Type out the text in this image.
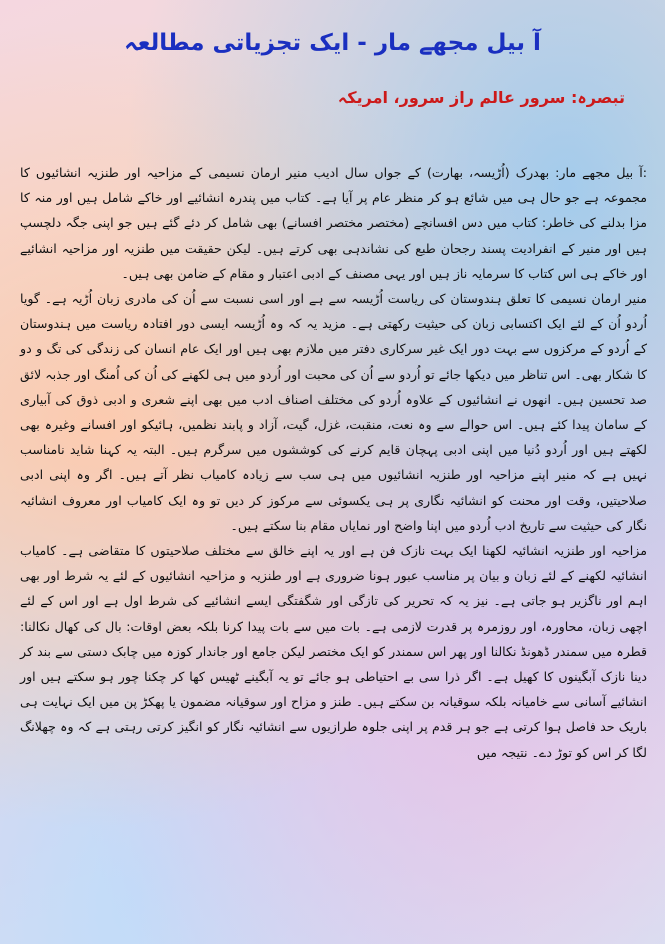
آ بیل مجھے مار - ایک تجزیاتی مطالعہ
تبصرہ: سرور عالم راز سرور، امریکہ

:آ بیل مجھے مار: بھدرک (اُڑیسہ، بھارت) کے جواں سال ادیب منیر ارمان نسیمی کے مزاحیہ اور طنزیہ انشائیوں کا مجموعہ ہے جو حال ہی میں شائع ہو کر منظر عام پر آیا ہے۔ کتاب میں پندرہ انشائیے اور خاکے شامل ہیں اور منہ کا مزا بدلنے کی خاطر: کتاب میں دس افسانچے (مختصر مختصر افسانے) بھی شامل کر دئے گئے ہیں جو اپنی جگہ دلچسپ ہیں اور منیر کے انفرادیت پسند رجحان طبع کی نشاندہی بھی کرتے ہیں۔ لیکن حقیقت میں طنزیہ اور مزاحیہ انشائیے اور خاکے ہی اس کتاب کا سرمایہ ناز ہیں اور یہی مصنف کے ادبی اعتبار و مقام کے ضامن بھی ہیں۔

منیر ارمان نسیمی کا تعلق ہندوستان کی ریاست اُڑیسہ سے ہے اور اسی نسبت سے اُن کی مادری زبان اُڑیہ ہے۔ گویا اُردو اُن کے لئے ایک اکتسابی زبان کی حیثیت رکھتی ہے۔ مزید یہ کہ وہ اُڑیسہ ایسی دور افتادہ ریاست میں ہندوستان کے اُردو کے مرکزوں سے بہت دور ایک غیر سرکاری دفتر میں ملازم بھی ہیں اور ایک عام انسان کی زندگی کی تگ و دو کا شکار بھی۔ اس تناظر میں دیکھا جائے تو اُردو سے اُن کی محبت اور اُردو میں ہی لکھنے کی اُن کی اُمنگ اور جذبہ لائق صد تحسین ہیں۔ انھوں نے انشائیوں کے علاوہ اُردو کی مختلف اصناف ادب میں بھی اپنے شعری و ادبی ذوق کی آبیاری کے سامان پیدا کئے ہیں۔ اس حوالے سے وہ نعت، منقبت، غزل، گیت، آزاد و پابند نظمیں، ہائیکو اور افسانے وغیرہ بھی لکھتے ہیں اور اُردو دُنیا میں اپنی ادبی پہچان قایم کرنے کی کوششوں میں سرگرم ہیں۔ البتہ یہ کہنا شاید نامناسب نہیں ہے کہ منیر اپنے مزاحیہ اور طنزیہ انشائیوں میں ہی سب سے زیادہ کامیاب نظر آتے ہیں۔ اگر وہ اپنی ادبی صلاحیتیں، وقت اور محنت کو انشائیہ نگاری پر ہی یکسوئی سے مرکوز کر دیں تو وہ ایک کامیاب اور معروف انشائیہ نگار کی حیثیت سے تاریخ ادب اُردو میں اپنا واضح اور نمایاں مقام بنا سکتے ہیں۔

مزاحیہ اور طنزیہ انشائیہ لکھنا ایک بہت نازک فن ہے اور یہ اپنے خالق سے مختلف صلاحیتوں کا متقاضی ہے۔ کامیاب انشائیہ لکھنے کے لئے زبان و بیان پر مناسب عبور ہونا ضروری ہے اور طنزیہ و مزاحیہ انشائیوں کے لئے یہ شرط اور بھی اہم اور ناگزیر ہو جاتی ہے۔ نیز یہ کہ تحریر کی تازگی اور شگفتگی ایسے انشائیے کی شرط اول ہے اور اس کے لئے اچھی زبان، محاورہ، اور روزمرہ پر قدرت لازمی ہے۔ بات میں سے بات پیدا کرنا بلکہ بعض اوقات: بال کی کھال نکالنا: قطرہ میں سمندر ڈھونڈ نکالنا اور پھر اس سمندر کو ایک مختصر لیکن جامع اور جاندار کوزہ میں چابک دستی سے بند کر دینا نازک آبگینوں کا کھیل ہے۔ اگر ذرا سی بے احتیاطی ہو جائے تو یہ آبگینے ٹھیس کھا کر چکنا چور ہو سکتے ہیں اور انشائیے آسانی سے خامیانہ بلکہ سوقیانہ بن سکتے ہیں۔ طنز و مزاح اور سوقیانہ مضمون یا پھکڑ پن میں ایک نہایت ہی باریک حد فاصل ہوا کرتی ہے جو ہر قدم پر اپنی جلوہ طرازیوں سے انشائیہ نگار کو انگیز کرتی رہتی ہے کہ وہ چھلانگ لگا کر اس کو توڑ دے۔ نتیجہ میں
